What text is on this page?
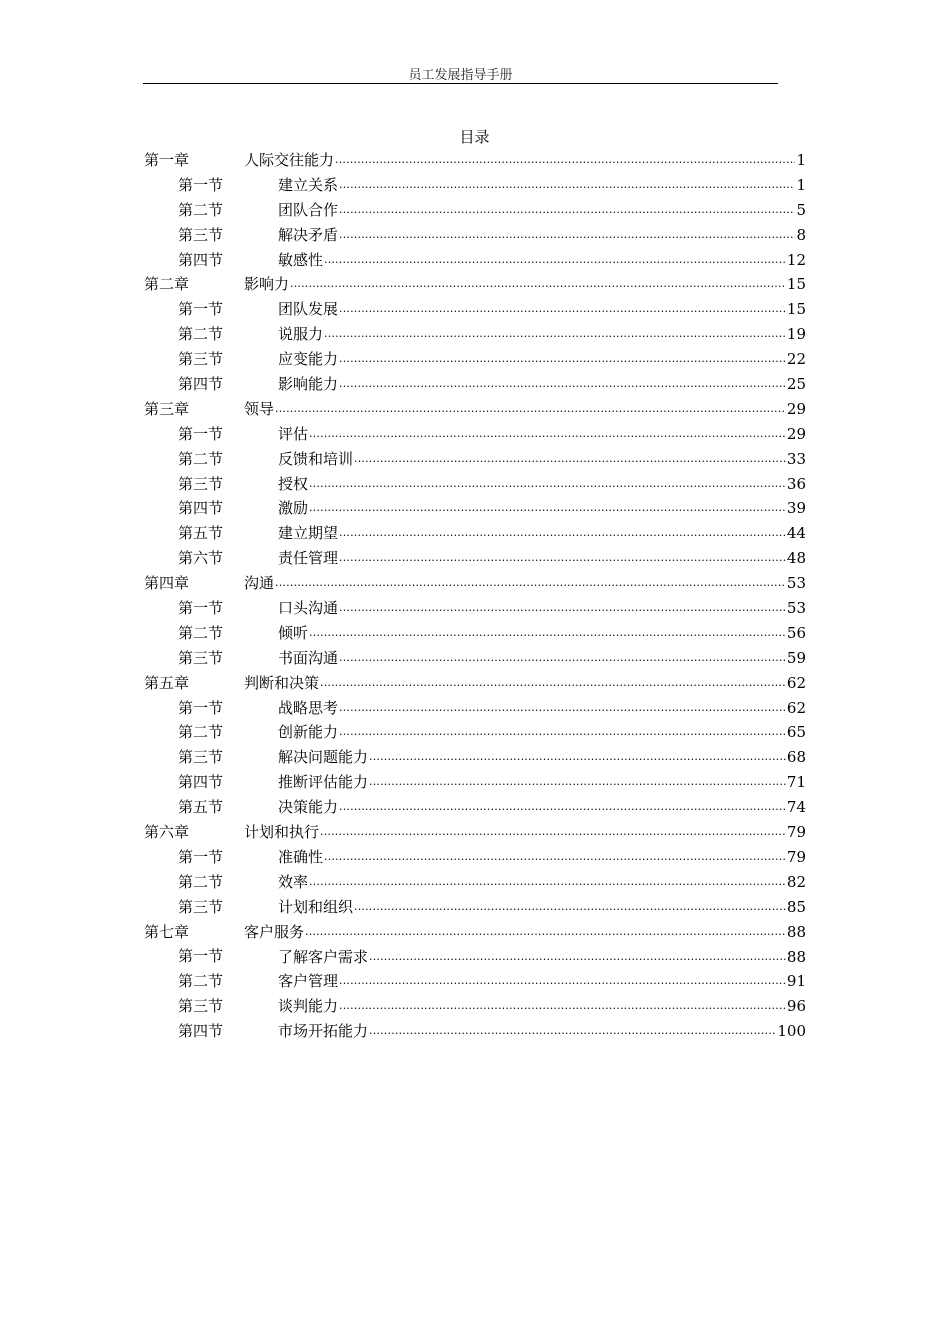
员工发展指导手册
目录
第一章	人际交往能力 .....	1
第一节	建立关系 .....	1
第二节	团队合作 .....	5
第三节	解决矛盾 .....	8
第四节	敏感性 .....	12
第二章	影响力 .....	15
第一节	团队发展 .....	15
第二节	说服力 .....	19
第三节	应变能力 .....	22
第四节	影响能力 .....	25
第三章	领导 .....	29
第一节	评估 .....	29
第二节	反馈和培训 .....	33
第三节	授权 .....	36
第四节	激励 .....	39
第五节	建立期望 .....	44
第六节	责任管理 .....	48
第四章	沟通 .....	53
第一节	口头沟通 .....	53
第二节	倾听 .....	56
第三节	书面沟通 .....	59
第五章	判断和决策 .....	62
第一节	战略思考 .....	62
第二节	创新能力 .....	65
第三节	解决问题能力 .....	68
第四节	推断评估能力 .....	71
第五节	决策能力 .....	74
第六章	计划和执行 .....	79
第一节	准确性 .....	79
第二节	效率 .....	82
第三节	计划和组织 .....	85
第七章	客户服务 .....	88
第一节	了解客户需求 .....	88
第二节	客户管理 .....	91
第三节	谈判能力 .....	96
第四节	市场开拓能力 .....	100
